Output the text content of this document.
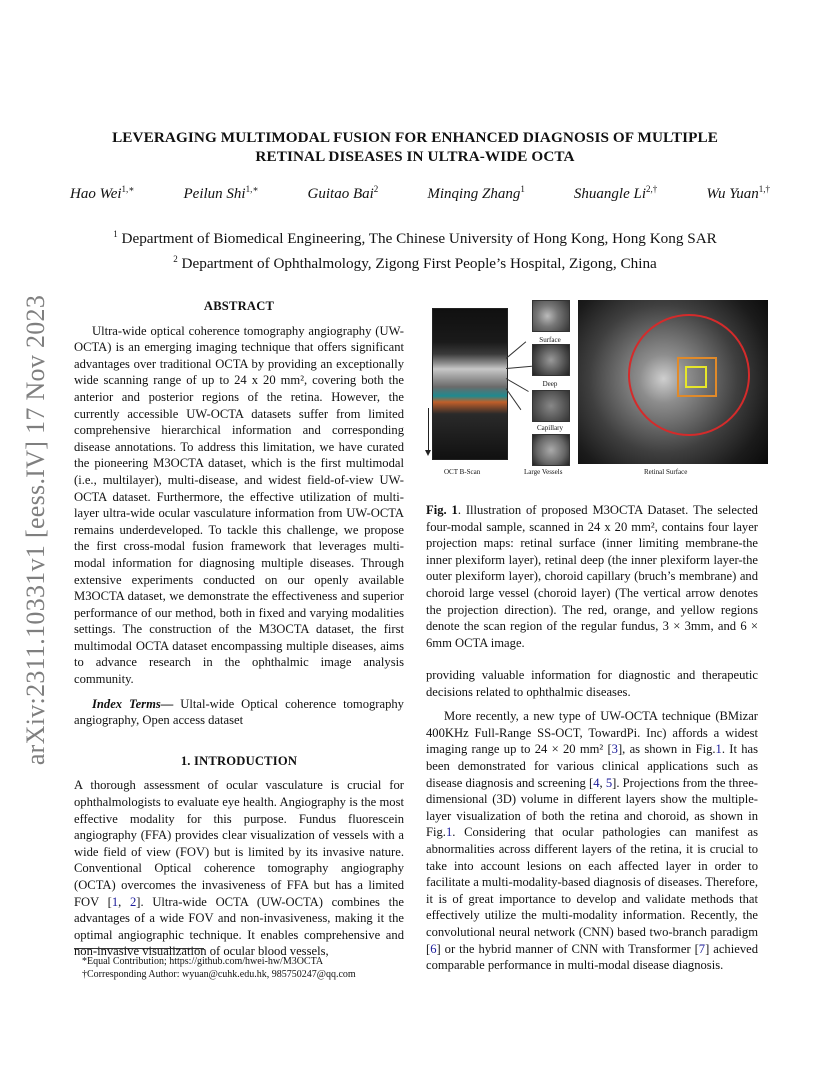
arXiv:2311.10331v1 [eess.IV] 17 Nov 2023
LEVERAGING MULTIMODAL FUSION FOR ENHANCED DIAGNOSIS OF MULTIPLE
RETINAL DISEASES IN ULTRA-WIDE OCTA
Hao Wei$^{1,∗}$	Peilun Shi$^{1,∗}$	Guitao Bai$^2$	Minqing Zhang$^1$	Shuangle $Li^{2,\dagger}$	Wu Yuan$^{1,\dagger}$
$^1$ Department of Biomedical Engineering, The Chinese University of Hong Kong, Hong Kong SAR
$^2$ Department of Ophthalmology, Zigong First People’s Hospital, Zigong, China
ABSTRACT

Ultra-wide optical coherence tomography angiography (UW-OCTA) is an emerging imaging technique that offers significant advantages over traditional OCTA by providing an exceptionally wide scanning range of up to 24 x 20 mm², covering both the anterior and posterior regions of the retina. However, the currently accessible UW-OCTA datasets suffer from limited comprehensive hierarchical information and corresponding disease annotations. To address this limitation, we have curated the pioneering M3OCTA dataset, which is the first multimodal (i.e., multilayer), multi-disease, and widest field-of-view UW-OCTA dataset. Furthermore, the effective utilization of multi-layer ultra-wide ocular vasculature information from UW-OCTA remains underdeveloped. To tackle this challenge, we propose the first cross-modal fusion framework that leverages multi-modal information for diagnosing multiple diseases. Through extensive experiments conducted on our openly available M3OCTA dataset, we demonstrate the effectiveness and superior performance of our method, both in fixed and varying modalities settings. The construction of the M3OCTA dataset, the first multimodal OCTA dataset encompassing multiple diseases, aims to advance research in the ophthalmic image analysis community.

Index Terms— Ultal-wide Optical coherence tomography angiography, Open access dataset

1. INTRODUCTION

A thorough assessment of ocular vasculature is crucial for ophthalmologists to evaluate eye health. Angiography is the most effective modality for this purpose. Fundus fluorescein angiography (FFA) provides clear visualization of vessels with a wide field of view (FOV) but is limited by its invasive nature. Conventional Optical coherence tomography angiography (OCTA) overcomes the invasiveness of FFA but has a limited FOV [1, 2]. Ultra-wide OCTA (UW-OCTA) combines the advantages of a wide FOV and non-invasiveness, making it the optimal angiographic technique. It enables comprehensive and non-invasive visualization of ocular blood vessels,

*Equal Contribution; https://github.com/hwei-hw/M3OCTA
†Corresponding Author: wyuan@cuhk.edu.hk, 985750247@qq.com
Surface
Deep
Capillary
OCT B-Scan	Large Vessels	Retinal Surface
Fig. 1. Illustration of proposed M3OCTA Dataset. The selected four-modal sample, scanned in 24 x 20 mm², contains four layer projection maps: retinal surface (inner limiting membrane-the inner plexiform layer), retinal deep (the inner plexiform layer-the outer plexiform layer), choroid capillary (bruch’s membrane) and choroid large vessel (choroid layer) (The vertical arrow denotes the projection direction). The red, orange, and yellow regions denote the scan region of the regular fundus, 3 × 3mm, and 6 × 6mm OCTA image.

providing valuable information for diagnostic and therapeutic decisions related to ophthalmic diseases.

More recently, a new type of UW-OCTA technique (BMizar 400KHz Full-Range SS-OCT, TowardPi. Inc) affords a widest imaging range up to 24 × 20 mm² [3], as shown in Fig.1. It has been demonstrated for various clinical applications such as disease diagnosis and screening [4, 5]. Projections from the three-dimensional (3D) volume in different layers show the multiple-layer visualization of both the retina and choroid, as shown in Fig.1. Considering that ocular pathologies can manifest as abnormalities across different layers of the retina, it is crucial to take into account lesions on each affected layer in order to facilitate a multi-modality-based diagnosis of diseases. Therefore, it is of great importance to develop and validate methods that effectively utilize the multi-modality information. Recently, the convolutional neural network (CNN) based two-branch paradigm [6] or the hybrid manner of CNN with Transformer [7] achieved comparable performance in multi-modal disease diagnosis.
